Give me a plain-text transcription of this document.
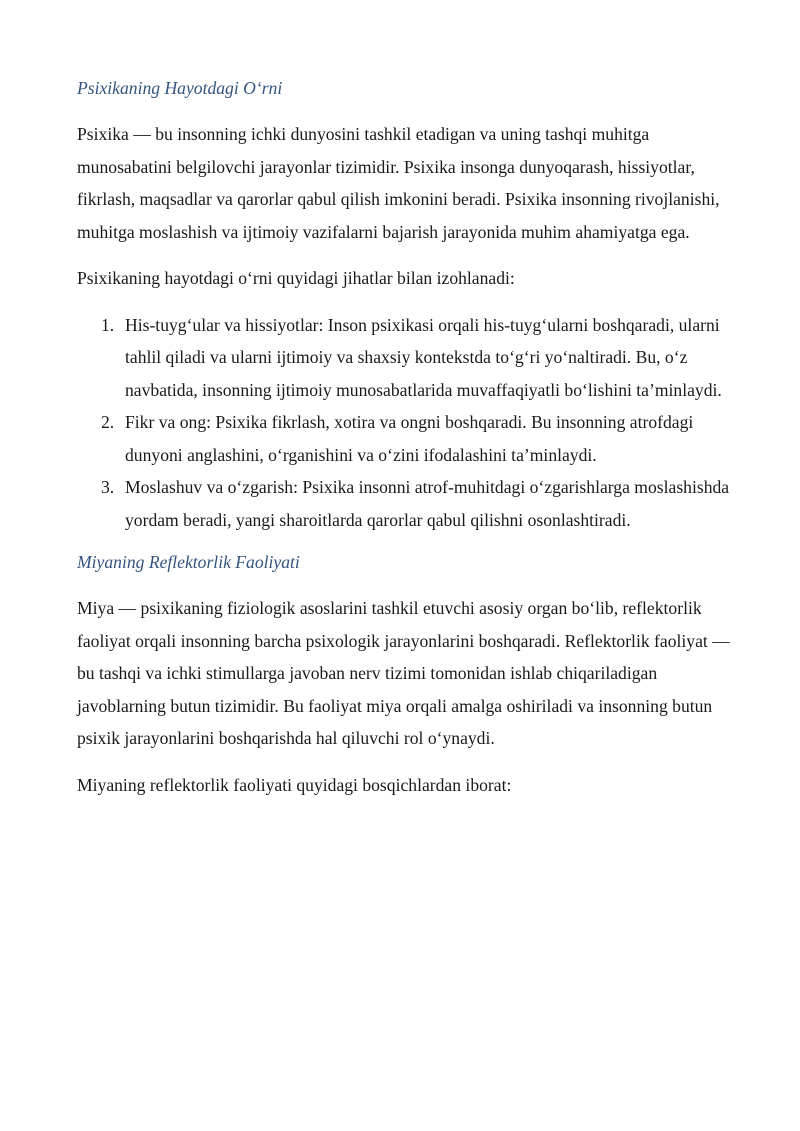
Psixikaning Hayotdagi O‘rni

Psixika — bu insonning ichki dunyosini tashkil etadigan va uning tashqi muhitga munosabatini belgilovchi jarayonlar tizimidir. Psixika insonga dunyoqarash, hissiyotlar, fikrlash, maqsadlar va qarorlar qabul qilish imkonini beradi. Psixika insonning rivojlanishi, muhitga moslashish va ijtimoiy vazifalarni bajarish jarayonida muhim ahamiyatga ega.

Psixikaning hayotdagi o‘rni quyidagi jihatlar bilan izohlanadi:

1. His-tuyg‘ular va hissiyotlar: Inson psixikasi orqali his-tuyg‘ularni boshqaradi, ularni tahlil qiladi va ularni ijtimoiy va shaxsiy kontekstda to‘g‘ri yo‘naltiradi. Bu, o‘z navbatida, insonning ijtimoiy munosabatlarida muvaffaqiyatli bo‘lishini ta’minlaydi.
2. Fikr va ong: Psixika fikrlash, xotira va ongni boshqaradi. Bu insonning atrofdagi dunyoni anglashini, o‘rganishini va o‘zini ifodalashini ta’minlaydi.
3. Moslashuv va o‘zgarish: Psixika insonni atrof-muhitdagi o‘zgarishlarga moslashishda yordam beradi, yangi sharoitlarda qarorlar qabul qilishni osonlashtiradi.
Miyaning Reflektorlik Faoliyati

Miya — psixikaning fiziologik asoslarini tashkil etuvchi asosiy organ bo‘lib, reflektorlik faoliyat orqali insonning barcha psixologik jarayonlarini boshqaradi. Reflektorlik faoliyat — bu tashqi va ichki stimullarga javoban nerv tizimi tomonidan ishlab chiqariladigan javoblarning butun tizimidir. Bu faoliyat miya orqali amalga oshiriladi va insonning butun psixik jarayonlarini boshqarishda hal qiluvchi rol o‘ynaydi.

Miyaning reflektorlik faoliyati quyidagi bosqichlardan iborat:
